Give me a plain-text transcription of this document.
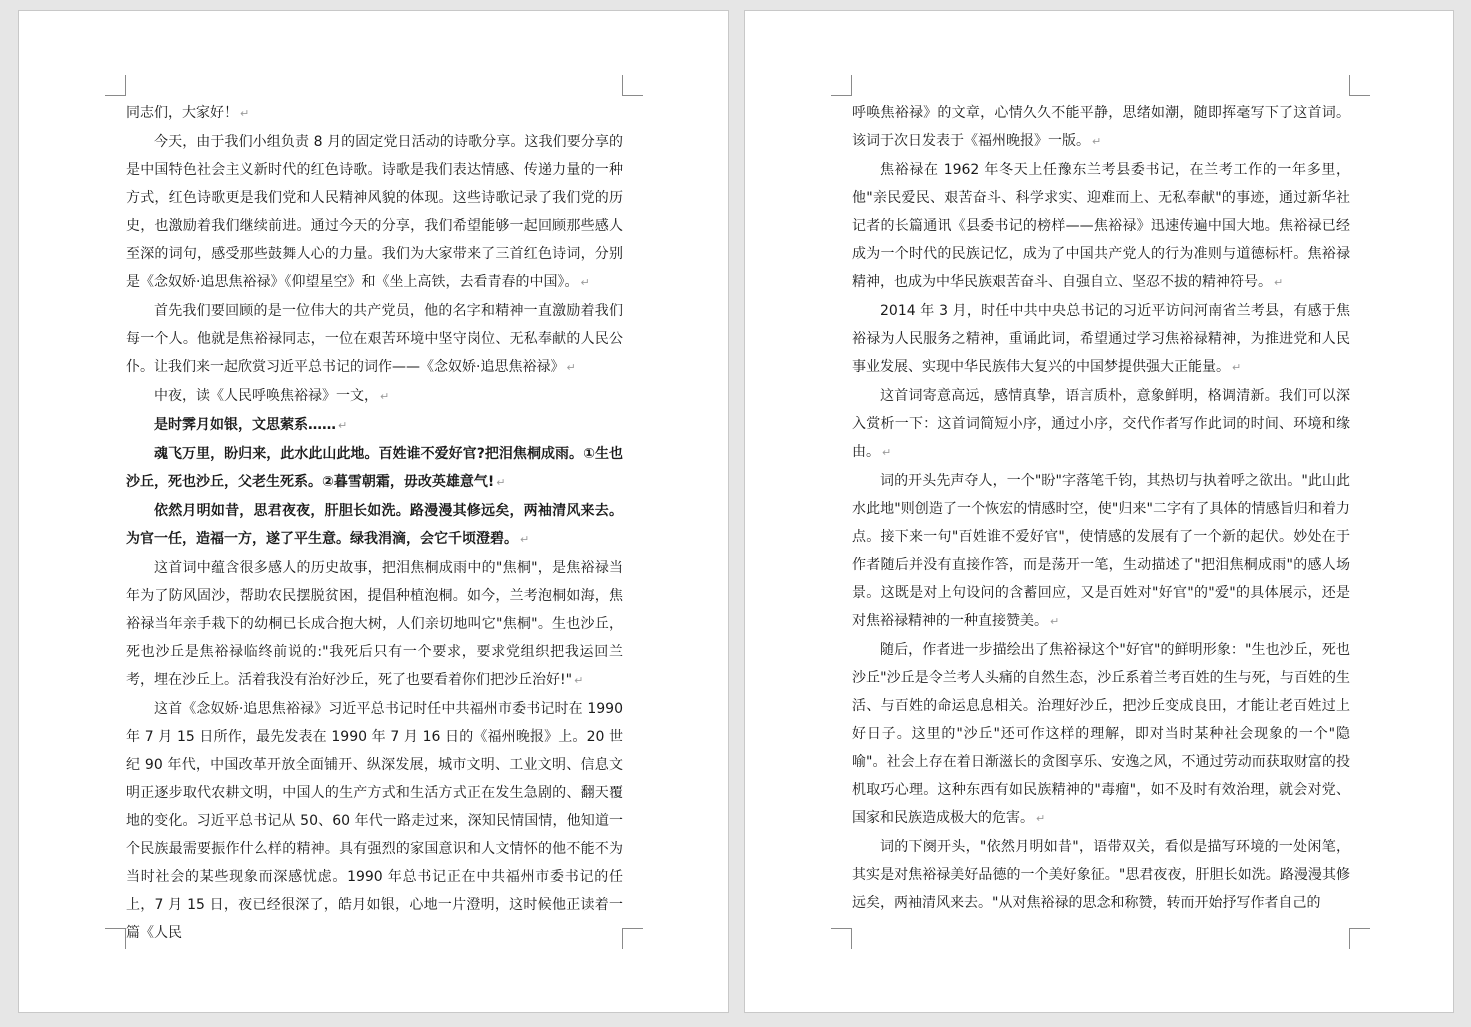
同志们，大家好！ ↵

今天，由于我们小组负责 8 月的固定党日活动的诗歌分享。这我们要分享的是中国特色社会主义新时代的红色诗歌。诗歌是我们表达情感、传递力量的一种方式，红色诗歌更是我们党和人民精神风貌的体现。这些诗歌记录了我们党的历史，也激励着我们继续前进。通过今天的分享，我们希望能够一起回顾那些感人至深的词句，感受那些鼓舞人心的力量。我们为大家带来了三首红色诗词，分别是《念奴娇·追思焦裕禄》《仰望星空》和《坐上高铁，去看青春的中国》。 ↵

首先我们要回顾的是一位伟大的共产党员，他的名字和精神一直激励着我们每一个人。他就是焦裕禄同志，一位在艰苦环境中坚守岗位、无私奉献的人民公仆。让我们来一起欣赏习近平总书记的词作——《念奴娇·追思焦裕禄》 ↵

中夜，读《人民呼唤焦裕禄》一文， ↵

是时霁月如银，文思萦系…… ↵

魂飞万里，盼归来，此水此山此地。百姓谁不爱好官?把泪焦桐成雨。①生也沙丘，死也沙丘，父老生死系。②暮雪朝霜，毋改英雄意气! ↵

依然月明如昔，思君夜夜，肝胆长如洗。路漫漫其修远矣，两袖清风来去。为官一任，造福一方，遂了平生意。绿我涓滴，会它千顷澄碧。 ↵

这首词中蕴含很多感人的历史故事，把泪焦桐成雨中的"焦桐"，是焦裕禄当年为了防风固沙，帮助农民摆脱贫困，提倡种植泡桐。如今，兰考泡桐如海，焦裕禄当年亲手栽下的幼桐已长成合抱大树，人们亲切地叫它"焦桐"。生也沙丘，死也沙丘是焦裕禄临终前说的:"我死后只有一个要求，要求党组织把我运回兰考，埋在沙丘上。活着我没有治好沙丘，死了也要看着你们把沙丘治好!" ↵

这首《念奴娇·追思焦裕禄》习近平总书记时任中共福州市委书记时在 1990 年 7 月 15 日所作，最先发表在 1990 年 7 月 16 日的《福州晚报》上。20 世纪 90 年代，中国改革开放全面铺开、纵深发展，城市文明、工业文明、信息文明正逐步取代农耕文明，中国人的生产方式和生活方式正在发生急剧的、翻天覆地的变化。习近平总书记从 50、60 年代一路走过来，深知民情国情，他知道一个民族最需要振作什么样的精神。具有强烈的家国意识和人文情怀的他不能不为当时社会的某些现象而深感忧虑。1990 年总书记正在中共福州市委书记的任上，7 月 15 日，夜已经很深了，皓月如银，心地一片澄明，这时候他正读着一篇《人民

呼唤焦裕禄》的文章，心情久久不能平静，思绪如潮，随即挥毫写下了这首词。该词于次日发表于《福州晚报》一版。 ↵

焦裕禄在 1962 年冬天上任豫东兰考县委书记，在兰考工作的一年多里，他"亲民爱民、艰苦奋斗、科学求实、迎难而上、无私奉献"的事迹，通过新华社记者的长篇通讯《县委书记的榜样——焦裕禄》迅速传遍中国大地。焦裕禄已经成为一个时代的民族记忆，成为了中国共产党人的行为准则与道德标杆。焦裕禄精神，也成为中华民族艰苦奋斗、自强自立、坚忍不拔的精神符号。 ↵

2014 年 3 月，时任中共中央总书记的习近平访问河南省兰考县，有感于焦裕禄为人民服务之精神，重诵此词，希望通过学习焦裕禄精神，为推进党和人民事业发展、实现中华民族伟大复兴的中国梦提供强大正能量。 ↵

这首词寄意高远，感情真挚，语言质朴，意象鲜明，格调清新。我们可以深入赏析一下：这首词简短小序，通过小序，交代作者写作此词的时间、环境和缘由。 ↵

词的开头先声夺人，一个"盼"字落笔千钧，其热切与执着呼之欲出。"此山此水此地"则创造了一个恢宏的情感时空，使"归来"二字有了具体的情感旨归和着力点。接下来一句"百姓谁不爱好官"，使情感的发展有了一个新的起伏。妙处在于作者随后并没有直接作答，而是荡开一笔，生动描述了"把泪焦桐成雨"的感人场景。这既是对上句设问的含蓄回应，又是百姓对"好官"的"爱"的具体展示，还是对焦裕禄精神的一种直接赞美。 ↵

随后，作者进一步描绘出了焦裕禄这个"好官"的鲜明形象："生也沙丘，死也沙丘"沙丘是令兰考人头痛的自然生态，沙丘系着兰考百姓的生与死，与百姓的生活、与百姓的命运息息相关。治理好沙丘，把沙丘变成良田，才能让老百姓过上好日子。这里的"沙丘"还可作这样的理解，即对当时某种社会现象的一个"隐喻"。社会上存在着日渐滋长的贪图享乐、安逸之风，不通过劳动而获取财富的投机取巧心理。这种东西有如民族精神的"毒瘤"，如不及时有效治理，就会对党、国家和民族造成极大的危害。 ↵

词的下阕开头，"依然月明如昔"，语带双关，看似是描写环境的一处闲笔，其实是对焦裕禄美好品德的一个美好象征。"思君夜夜，肝胆长如洗。路漫漫其修远矣，两袖清风来去。"从对焦裕禄的思念和称赞，转而开始抒写作者自己的
